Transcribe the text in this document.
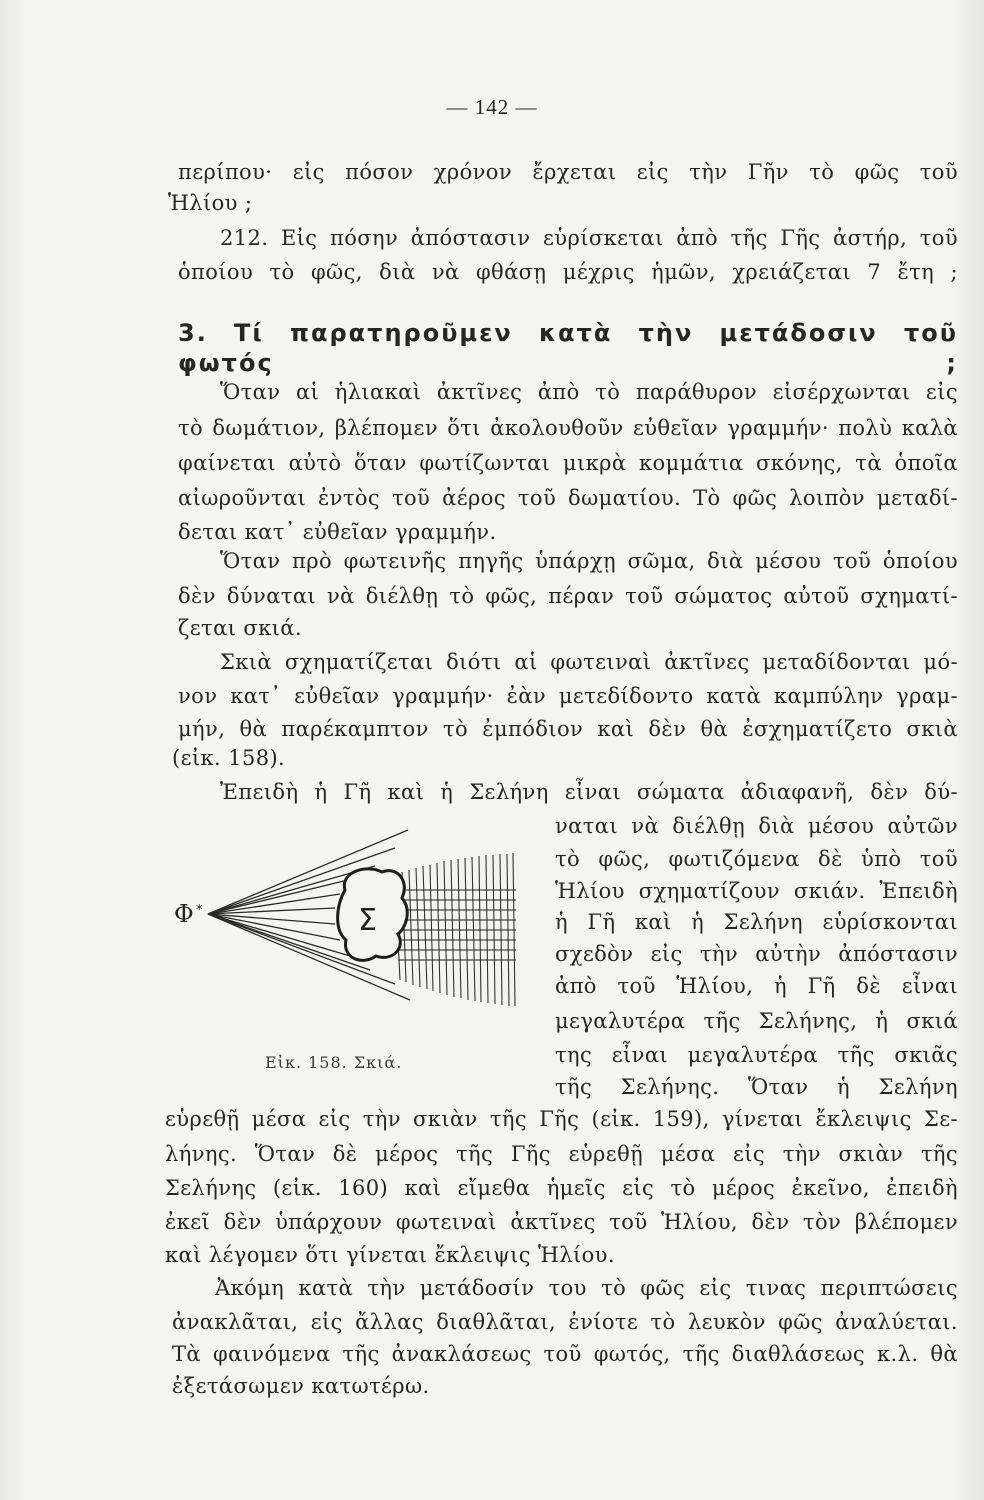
— 142 —
περίπου· εἰς πόσον χρόνον ἔρχεται εἰς τὴν Γῆν τὸ φῶς τοῦ
Ἡλίου ;
212. Εἰς πόσην ἀπόστασιν εὑρίσκεται ἀπὸ τῆς Γῆς ἀστήρ, τοῦ
ὁποίου τὸ φῶς, διὰ νὰ φθάσῃ μέχρις ἡμῶν, χρειάζεται 7 ἔτη ;
3. Τί παρατηροῦμεν κατὰ τὴν μετάδοσιν τοῦ φωτός ;
Ὅταν αἱ ἡλιακαὶ ἀκτῖνες ἀπὸ τὸ παράθυρον εἰσέρχωνται εἰς
τὸ δωμάτιον, βλέπομεν ὅτι ἀκολουθοῦν εὐθεῖαν γραμμήν· πολὺ καλὰ
φαίνεται αὐτὸ ὅταν φωτίζωνται μικρὰ κομμάτια σκόνης, τὰ ὁποῖα
αἰωροῦνται ἐντὸς τοῦ ἀέρος τοῦ δωματίου. Τὸ φῶς λοιπὸν μεταδί-
δεται κατ᾽ εὐθεῖαν γραμμήν.
Ὅταν πρὸ φωτεινῆς πηγῆς ὑπάρχῃ σῶμα, διὰ μέσου τοῦ ὁποίου
δὲν δύναται νὰ διέλθῃ τὸ φῶς, πέραν τοῦ σώματος αὐτοῦ σχηματί-
ζεται σκιά.
Σκιὰ σχηματίζεται διότι αἱ φωτειναὶ ἀκτῖνες μεταδίδονται μό-
νον κατ᾽ εὐθεῖαν γραμμήν· ἐὰν μετεδίδοντο κατὰ καμπύλην γραμ-
μήν, θὰ παρέκαμπτον τὸ ἐμπόδιον καὶ δὲν θὰ ἐσχηματίζετο σκιὰ
(εἰκ. 158).
Ἐπειδὴ ἡ Γῆ καὶ ἡ Σελήνη εἶναι σώματα ἀδιαφανῆ, δὲν δύ-
ναται νὰ διέλθῃ διὰ μέσου αὐτῶν
τὸ φῶς, φωτιζόμενα δὲ ὑπὸ τοῦ
Ἡλίου σχηματίζουν σκιάν. Ἐπειδὴ
ἡ Γῆ καὶ ἡ Σελήνη εὑρίσκονται
σχεδὸν εἰς τὴν αὐτὴν ἀπόστασιν
ἀπὸ τοῦ Ἡλίου, ἡ Γῆ δὲ εἶναι
μεγαλυτέρα τῆς Σελήνης, ἡ σκιά
της εἶναι μεγαλυτέρα τῆς σκιᾶς
τῆς Σελήνης. Ὅταν ἡ Σελήνη
Φ *	Σ
Εἰκ. 158. Σκιά.
εὑρεθῇ μέσα εἰς τὴν σκιὰν τῆς Γῆς (εἰκ. 159), γίνεται ἔκλειψις Σε-
λήνης. Ὅταν δὲ μέρος τῆς Γῆς εὑρεθῇ μέσα εἰς τὴν σκιὰν τῆς
Σελήνης (εἰκ. 160) καὶ εἴμεθα ἡμεῖς εἰς τὸ μέρος ἐκεῖνο, ἐπειδὴ
ἐκεῖ δὲν ὑπάρχουν φωτειναὶ ἀκτῖνες τοῦ Ἡλίου, δὲν τὸν βλέπομεν
καὶ λέγομεν ὅτι γίνεται ἔκλειψις Ἡλίου.
Ἀκόμη κατὰ τὴν μετάδοσίν του τὸ φῶς εἰς τινας περιπτώσεις
ἀνακλᾶται, εἰς ἄλλας διαθλᾶται, ἐνίοτε τὸ λευκὸν φῶς ἀναλύεται.
Τὰ φαινόμενα τῆς ἀνακλάσεως τοῦ φωτός, τῆς διαθλάσεως κ.λ. θὰ
ἐξετάσωμεν κατωτέρω.
